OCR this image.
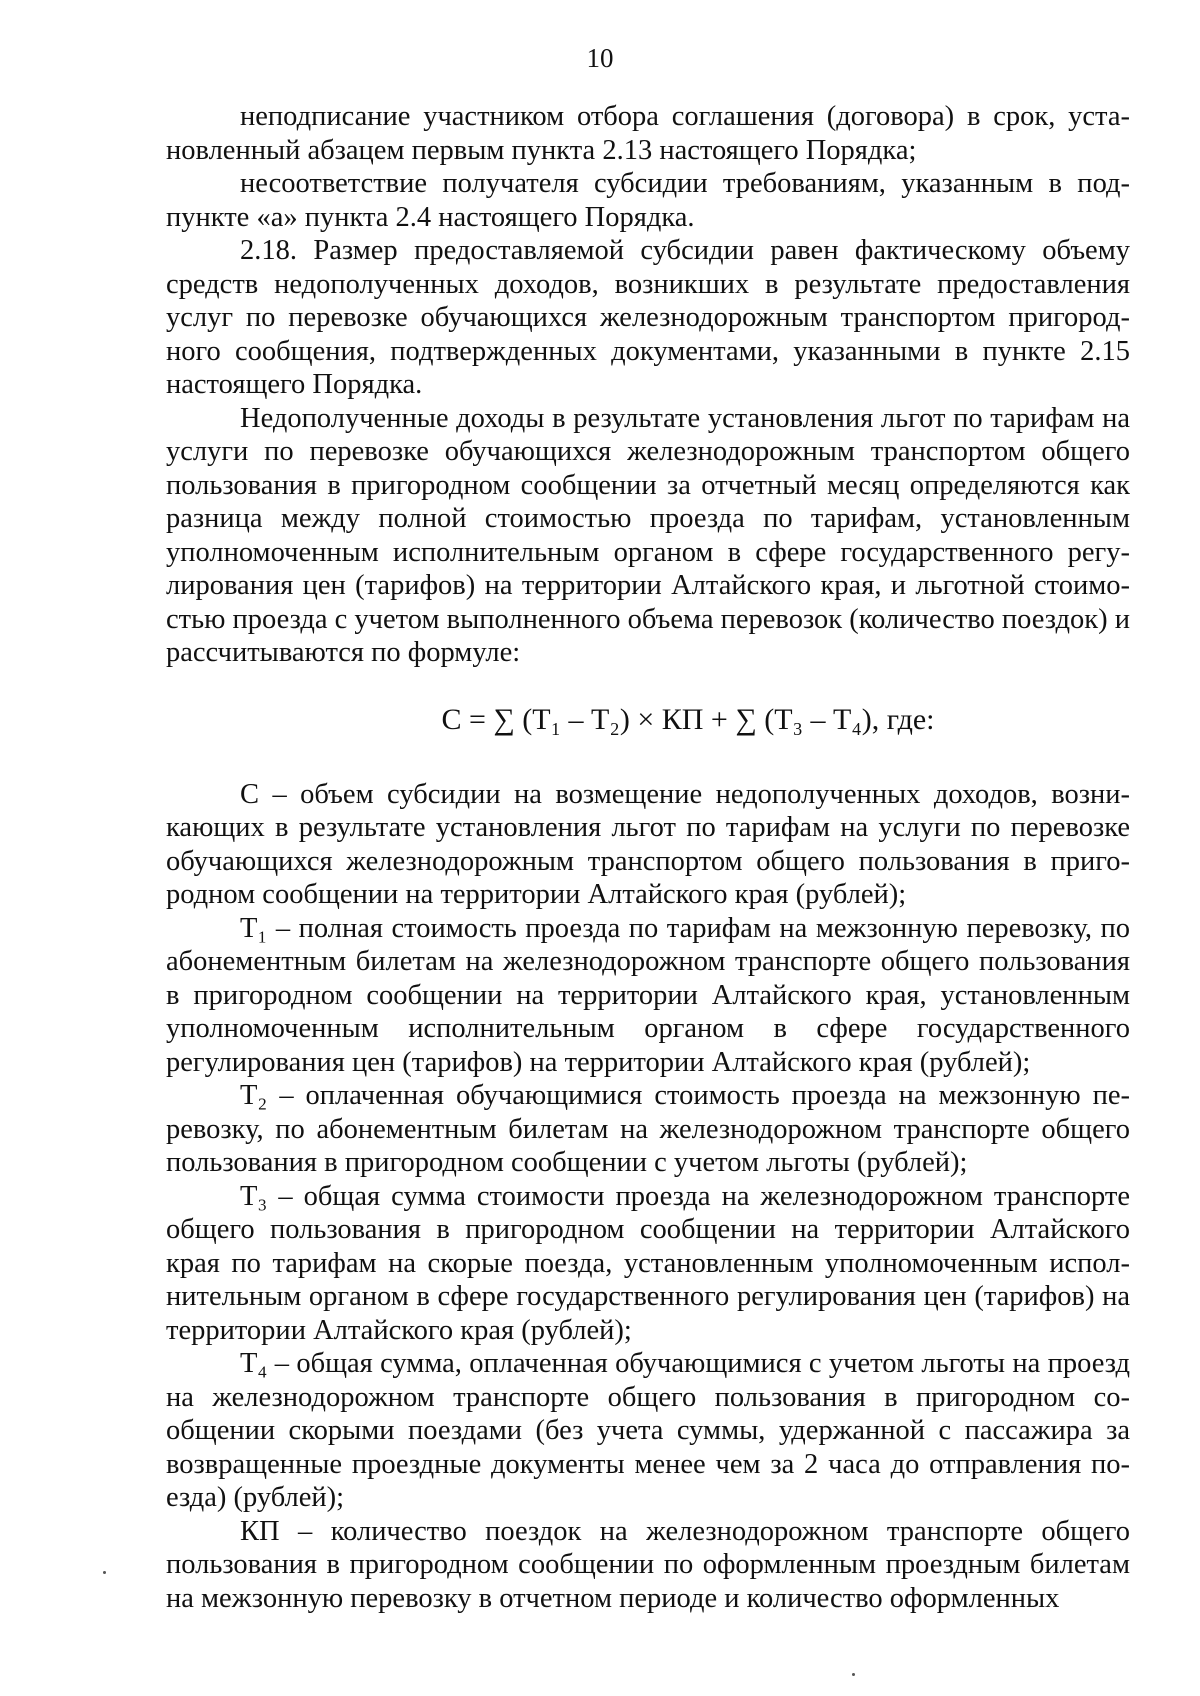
10

неподписание участником отбора соглашения (договора) в срок, установленный абзацем первым пункта 2.13 настоящего Порядка;

несоответствие получателя субсидии требованиям, указанным в подпункте «а» пункта 2.4 настоящего Порядка.

2.18. Размер предоставляемой субсидии равен фактическому объему средств недополученных доходов, возникших в результате предоставления услуг по перевозке обучающихся железнодорожным транспортом пригородного сообщения, подтвержденных документами, указанными в пункте 2.15 настоящего Порядка.

Недополученные доходы в результате установления льгот по тарифам на услуги по перевозке обучающихся железнодорожным транспортом общего пользования в пригородном сообщении за отчетный месяц определяются как разница между полной стоимостью проезда по тарифам, установленным уполномоченным исполнительным органом в сфере государственного регулирования цен (тарифов) на территории Алтайского края, и льготной стоимостью проезда с учетом выполненного объема перевозок (количество поездок) и рассчитываются по формуле:

С = ∑ (Т₁ – Т₂) × КП + ∑ (Т₃ – Т₄), где:

С – объем субсидии на возмещение недополученных доходов, возникающих в результате установления льгот по тарифам на услуги по перевозке обучающихся железнодорожным транспортом общего пользования в пригородном сообщении на территории Алтайского края (рублей);

Т₁ – полная стоимость проезда по тарифам на межзонную перевозку, по абонементным билетам на железнодорожном транспорте общего пользования в пригородном сообщении на территории Алтайского края, установленным уполномоченным исполнительным органом в сфере государственного регулирования цен (тарифов) на территории Алтайского края (рублей);

Т₂ – оплаченная обучающимися стоимость проезда на межзонную перевозку, по абонементным билетам на железнодорожном транспорте общего пользования в пригородном сообщении с учетом льготы (рублей);

Т₃ – общая сумма стоимости проезда на железнодорожном транспорте общего пользования в пригородном сообщении на территории Алтайского края по тарифам на скорые поезда, установленным уполномоченным исполнительным органом в сфере государственного регулирования цен (тарифов) на территории Алтайского края (рублей);

Т₄ – общая сумма, оплаченная обучающимися с учетом льготы на проезд на железнодорожном транспорте общего пользования в пригородном сообщении скорыми поездами (без учета суммы, удержанной с пассажира за возвращенные проездные документы менее чем за 2 часа до отправления поезда) (рублей);

КП – количество поездок на железнодорожном транспорте общего пользования в пригородном сообщении по оформленным проездным билетам на межзонную перевозку в отчетном периоде и количество оформленных
